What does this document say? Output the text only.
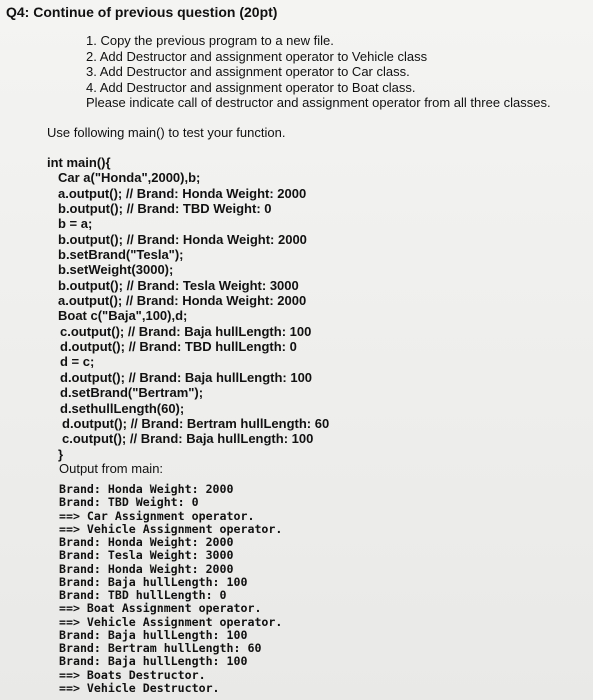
Q4: Continue of previous question (20pt)
1. Copy the previous program to a new file.
2. Add Destructor and assignment operator to Vehicle class
3. Add Destructor and assignment operator to Car class.
4. Add Destructor and assignment operator to Boat class.
Please indicate call of destructor and assignment operator from all three classes.
Use following main() to test your function.
int main(){
Car a("Honda",2000),b;
a.output(); // Brand: Honda Weight: 2000
b.output(); // Brand: TBD Weight: 0
b = a;
b.output(); // Brand: Honda Weight: 2000
b.setBrand("Tesla");
b.setWeight(3000);
b.output(); // Brand: Tesla Weight: 3000
a.output(); // Brand: Honda Weight: 2000
Boat c("Baja",100),d;
c.output(); // Brand: Baja hullLength: 100
d.output(); // Brand: TBD hullLength: 0
d = c;
d.output(); // Brand: Baja hullLength: 100
d.setBrand("Bertram");
d.sethullLength(60);
d.output(); // Brand: Bertram hullLength: 60
c.output(); // Brand: Baja hullLength: 100
}
Output from main:
Brand: Honda Weight: 2000
Brand: TBD Weight: 0
==> Car Assignment operator.
==> Vehicle Assignment operator.
Brand: Honda Weight: 2000
Brand: Tesla Weight: 3000
Brand: Honda Weight: 2000
Brand: Baja hullLength: 100
Brand: TBD hullLength: 0
==> Boat Assignment operator.
==> Vehicle Assignment operator.
Brand: Baja hullLength: 100
Brand: Bertram hullLength: 60
Brand: Baja hullLength: 100
==> Boats Destructor.
==> Vehicle Destructor.
